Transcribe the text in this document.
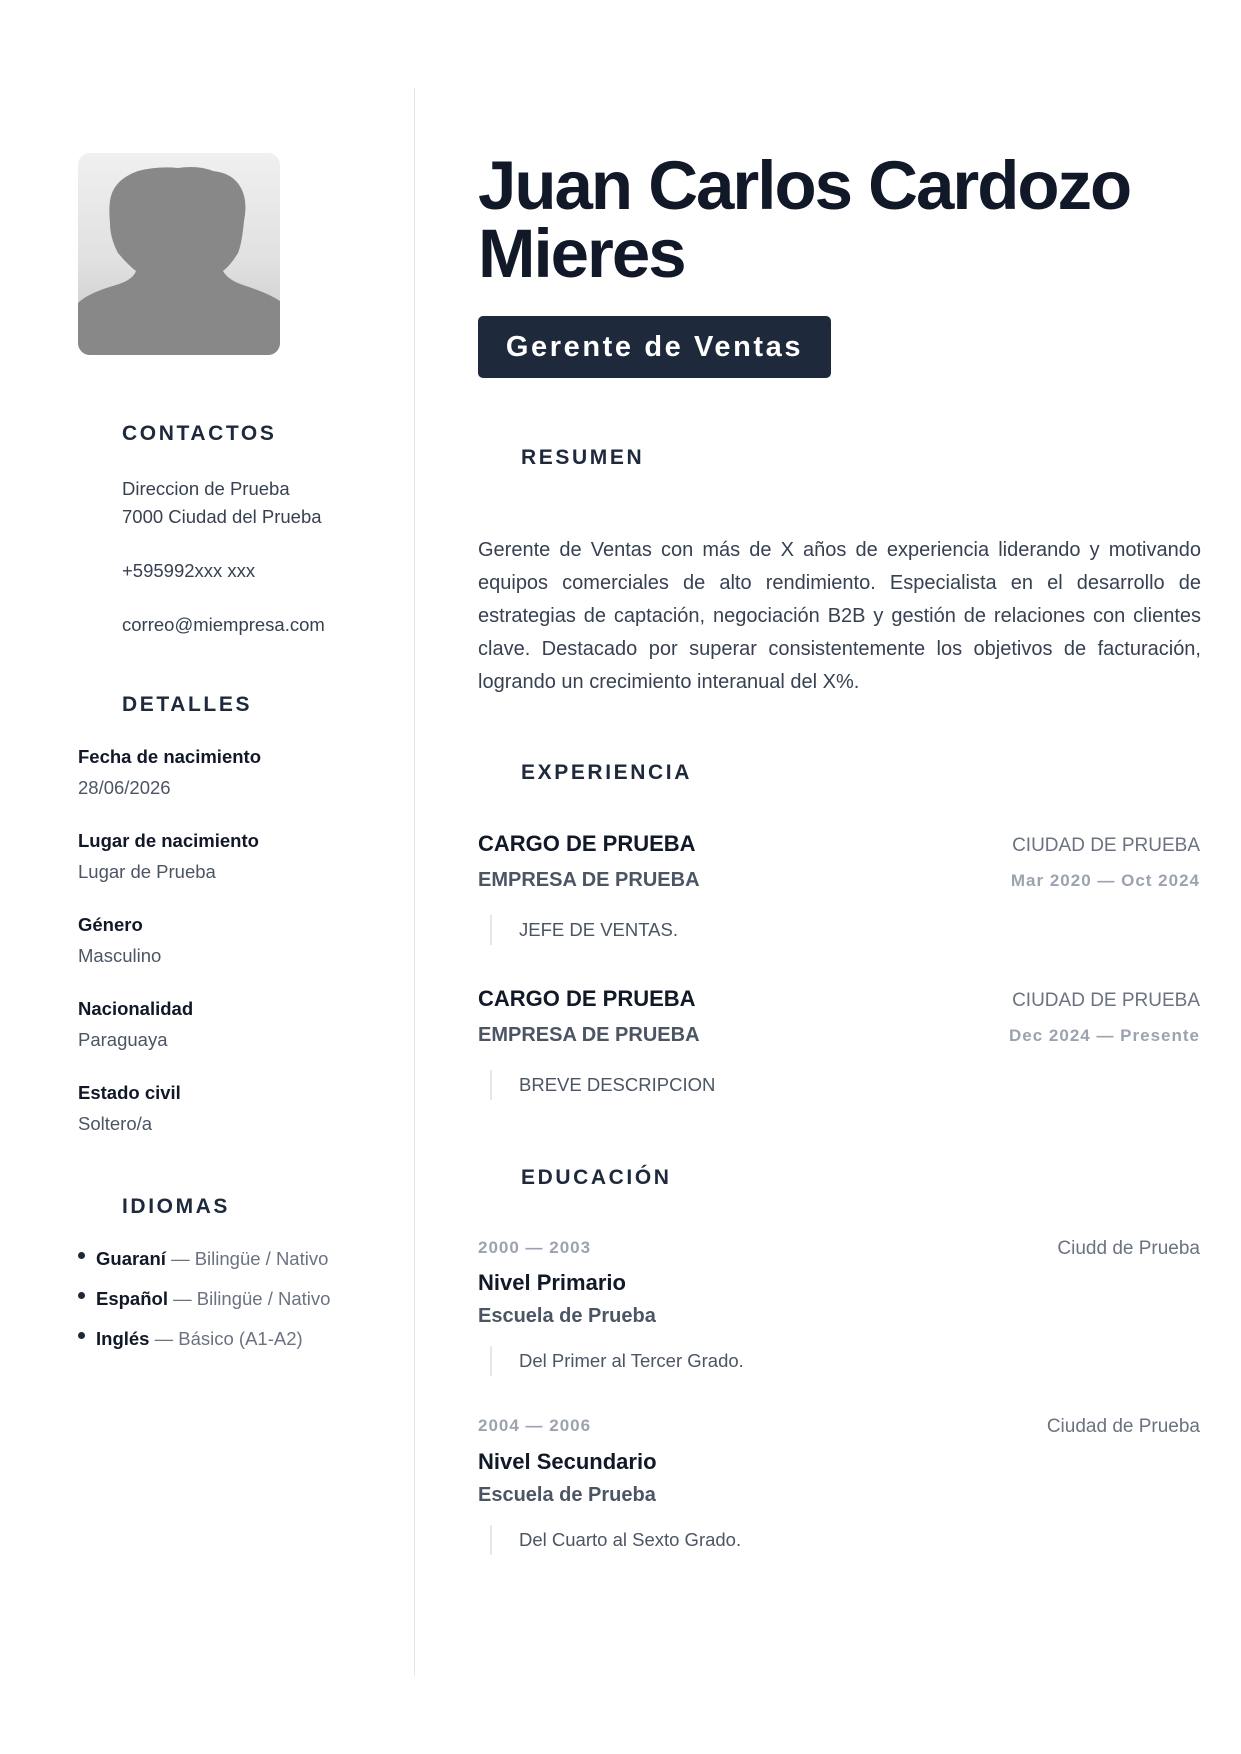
CONTACTOS

Direccion de Prueba

7000 Ciudad del Prueba

+595992xxx xxx

correo@miempresa.com

DETALLES
Fecha de nacimiento
28/06/2026
Lugar de nacimiento
Lugar de Prueba
Género
Masculino
Nacionalidad
Paraguaya
Estado civil
Soltero/a
IDIOMAS
Guaraní — Bilingüe / Nativo
Español — Bilingüe / Nativo
Inglés — Básico (A1-A2)
Juan Carlos Cardozo
Mieres
Gerente de Ventas
RESUMEN

Gerente de Ventas con más de X años de experiencia liderando y motivando equipos comerciales de alto rendimiento. Especialista en el desarrollo de estrategias de captación, negociación B2B y gestión de relaciones con clientes clave. Destacado por superar consistentemente los objetivos de facturación, logrando un crecimiento interanual del X%.

EXPERIENCIA
CARGO DE PRUEBA	CIUDAD DE PRUEBA
EMPRESA DE PRUEBA	Mar 2020 — Oct 2024
JEFE DE VENTAS.
CARGO DE PRUEBA	CIUDAD DE PRUEBA
EMPRESA DE PRUEBA	Dec 2024 — Presente
BREVE DESCRIPCION
EDUCACIÓN
2000 — 2003	Ciudd de Prueba
Nivel Primario
Escuela de Prueba
Del Primer al Tercer Grado.
2004 — 2006	Ciudad de Prueba
Nivel Secundario
Escuela de Prueba
Del Cuarto al Sexto Grado.
